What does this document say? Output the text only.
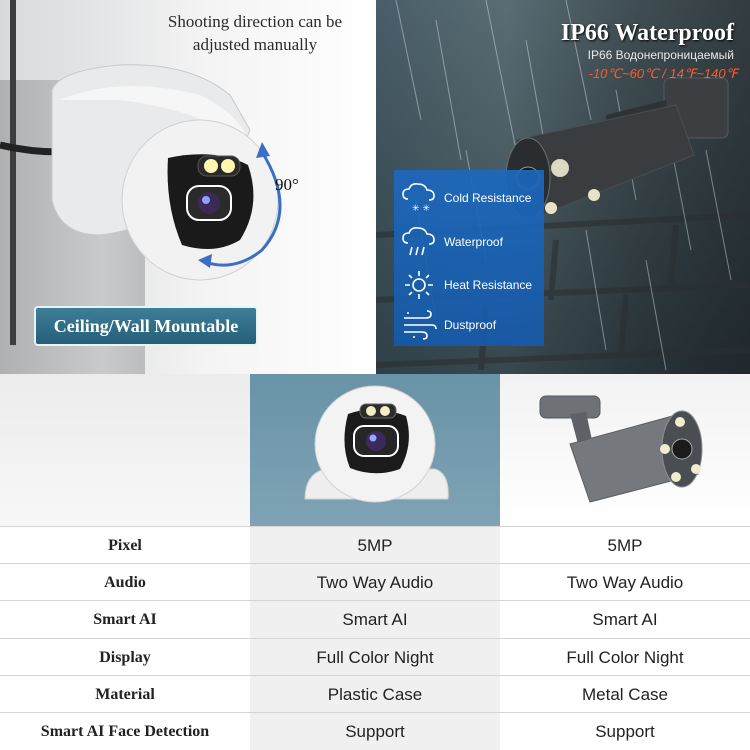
Shooting direction can be
adjusted manually
90°
Ceiling/Wall Mountable
IP66 Waterproof
IP66 Водонепроницаемый
-10℃~60℃ / 14℉~140℉
✳ ✳
Cold Resistance
Waterproof
Heat Resistance
Dustproof
Pixel	5MP	5MP
Audio	Two Way Audio	Two Way Audio
Smart AI	Smart AI	Smart AI
Display	Full Color Night	Full Color Night
Material	Plastic Case	Metal Case
Smart AI Face Detection	Support	Support
